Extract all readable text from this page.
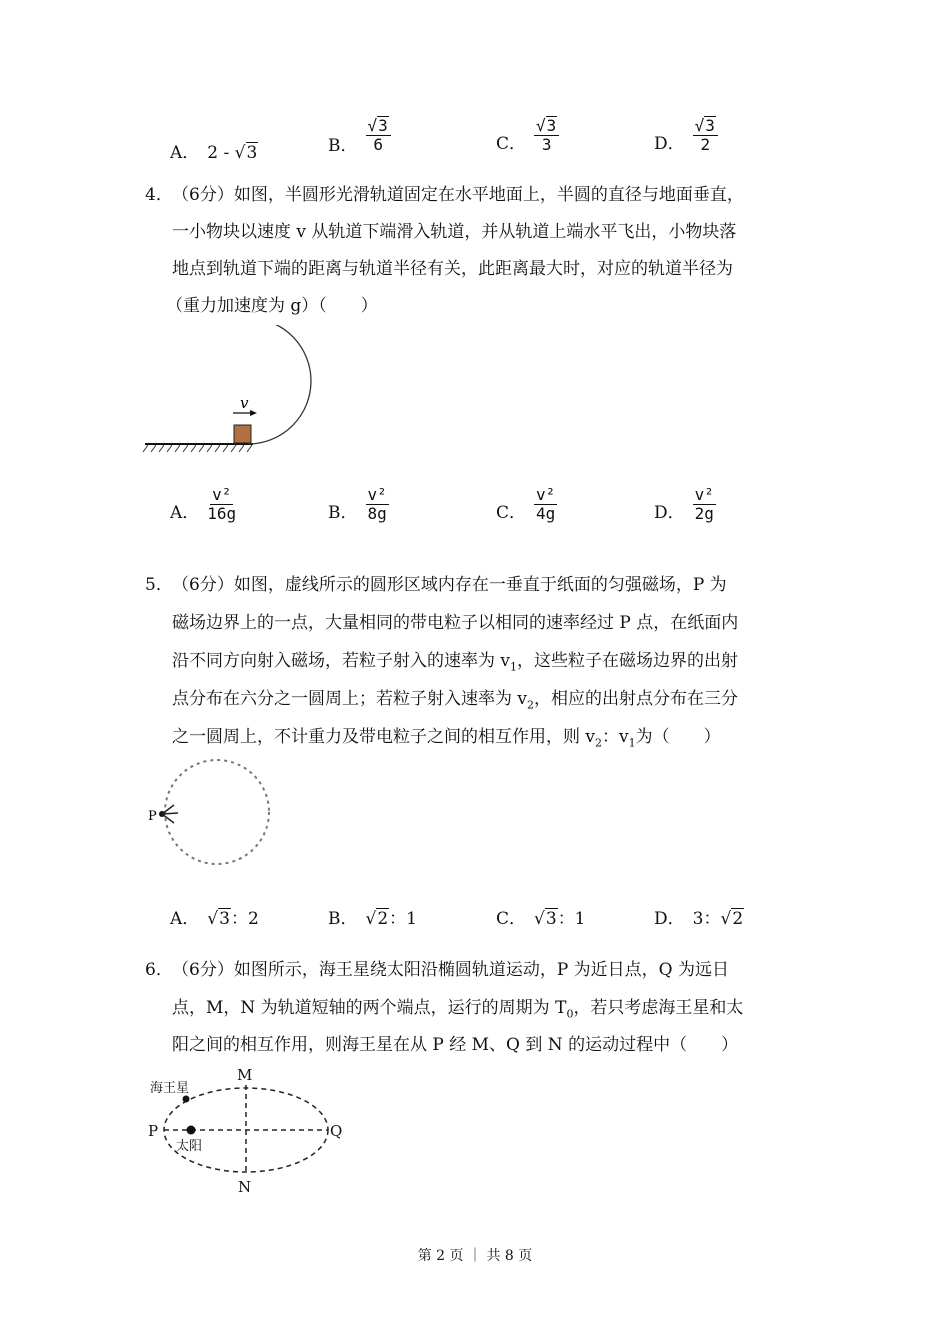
A． 2 - √ 3	B． $\frac{√ 3}{6}$	C． $\frac{√ 3}{3}$	D． $\frac{√ 3}{2}$
4． （6分）如图，半圆形光滑轨道固定在水平地面上，半圆的直径与地面垂直，
一小物块以速度 v 从轨道下端滑入轨道，并从轨道上端水平飞出，小物块落
地点到轨道下端的距离与轨道半径有关，此距离最大时，对应的轨道半径为
（重力加速度为 g）（　　）
v
A． $\frac{\text{v²}}{16g}$	B． $\frac{\text{v²}}{8g}$	C． $\frac{\text{v²}}{4g}$	D． $\frac{\text{v²}}{2g}$
5． （6分）如图，虚线所示的圆形区域内存在一垂直于纸面的匀强磁场，P 为
磁场边界上的一点，大量相同的带电粒子以相同的速率经过 P 点，在纸面内
沿不同方向射入磁场，若粒子射入的速率为 $v_1$，这些粒子在磁场边界的出射
点分布在六分之一圆周上；若粒子射入速率为 $v_2$，相应的出射点分布在三分
之一圆周上，不计重力及带电粒子之间的相互作用，则 $v_2$：$v_1$为（　　）
P
A． √ 3 ：2	B． √ 2 ：1	C． √ 3 ：1	D． 3：√ 2
6． （6分）如图所示，海王星绕太阳沿椭圆轨道运动，P 为近日点，Q 为远日
点，M，N 为轨道短轴的两个端点，运行的周期为 $T_0$，若只考虑海王星和太
阳之间的相互作用，则海王星在从 P 经 M、Q 到 N 的运动过程中（　　）
P	Q
M
N
海王星
太阳
第 2 页 ｜ 共 8 页
